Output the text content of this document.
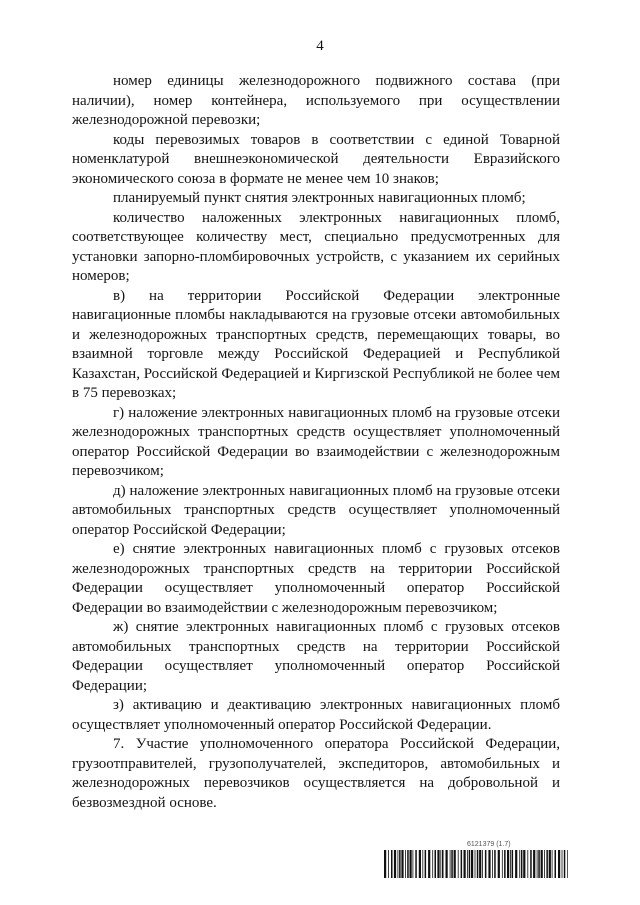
4

номер единицы железнодорожного подвижного состава (при наличии), номер контейнера, используемого при осуществлении железнодорожной перевозки;

коды перевозимых товаров в соответствии с единой Товарной номенклатурой внешнеэкономической деятельности Евразийского экономического союза в формате не менее чем 10 знаков;

планируемый пункт снятия электронных навигационных пломб;

количество наложенных электронных навигационных пломб, соответствующее количеству мест, специально предусмотренных для установки запорно-пломбировочных устройств, с указанием их серийных номеров;

в) на территории Российской Федерации электронные навигационные пломбы накладываются на грузовые отсеки автомобильных и железнодорожных транспортных средств, перемещающих товары, во взаимной торговле между Российской Федерацией и Республикой Казахстан, Российской Федерацией и Киргизской Республикой не более чем в 75 перевозках;

г) наложение электронных навигационных пломб на грузовые отсеки железнодорожных транспортных средств осуществляет уполномоченный оператор Российской Федерации во взаимодействии с железнодорожным перевозчиком;

д) наложение электронных навигационных пломб на грузовые отсеки автомобильных транспортных средств осуществляет уполномоченный оператор Российской Федерации;

е) снятие электронных навигационных пломб с грузовых отсеков железнодорожных транспортных средств на территории Российской Федерации осуществляет уполномоченный оператор Российской Федерации во взаимодействии с железнодорожным перевозчиком;

ж) снятие электронных навигационных пломб с грузовых отсеков автомобильных транспортных средств на территории Российской Федерации осуществляет уполномоченный оператор Российской Федерации;

з) активацию и деактивацию электронных навигационных пломб осуществляет уполномоченный оператор Российской Федерации.

7. Участие уполномоченного оператора Российской Федерации, грузоотправителей, грузополучателей, экспедиторов, автомобильных и железнодорожных перевозчиков осуществляется на добровольной и безвозмездной основе.

6121379 (1.7)
